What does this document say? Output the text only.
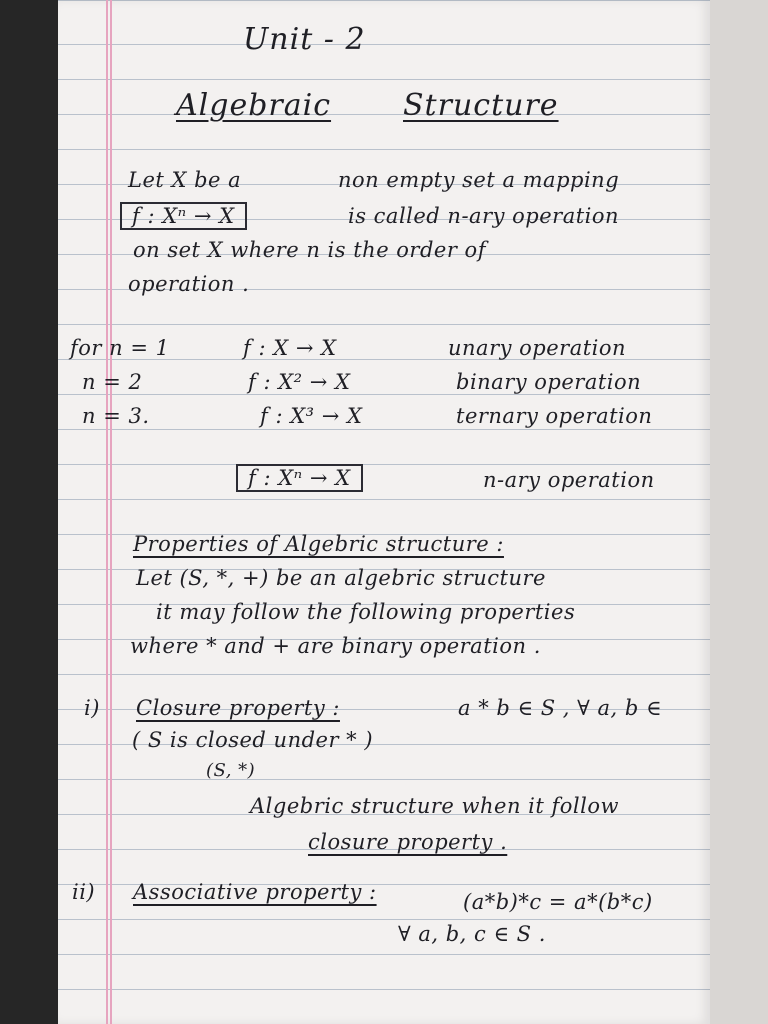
Unit - 2
Algebraic Structure
Let X be a	non empty set a mapping
f : Xⁿ → X	is called n-ary operation
on set X where n is the order of
operation .
for n = 1	f : X → X	unary operation
n = 2	f : X² → X	binary operation
n = 3.	f : X³ → X	ternary operation
f : Xⁿ → X	n-ary operation
Properties of Algebric structure :
Let (S, *, +) be an algebric structure
it may follow the following properties
where * and + are binary operation .
i) Closure property :	a * b ∈ S , ∀ a, b ∈
( S is closed under * )
(S, *)
Algebric structure when it follow
closure property .
ii) Associative property :	(a*b)*c = a*(b*c)
∀ a, b, c ∈ S .
